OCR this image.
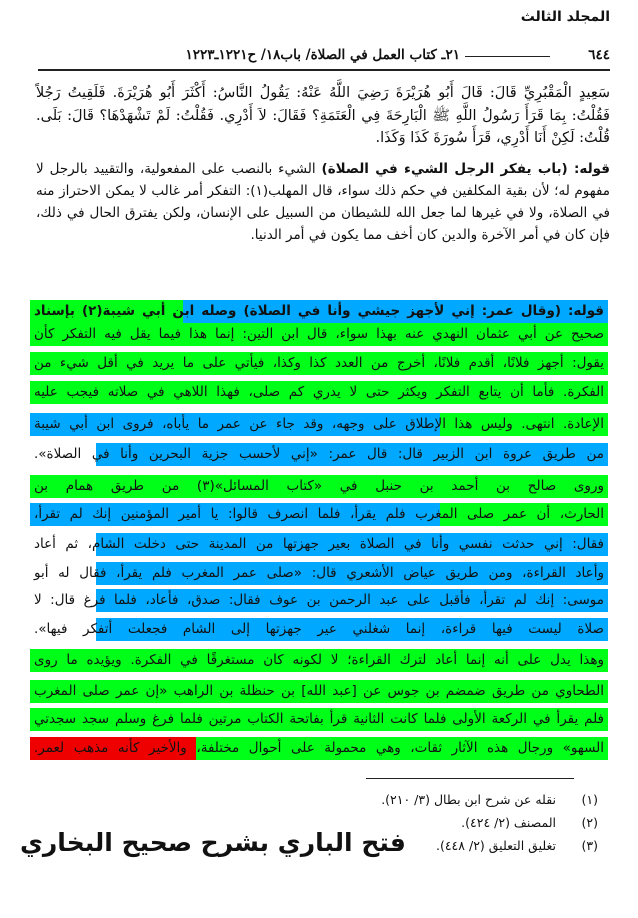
المجلد الثالث
٦٤٤
٢١ـ كتاب العمل في الصلاة/ باب١٨/ ح١٢٢١ـ١٢٢٣
سَعِيدٍ الْمَقْبُرِيِّ قَالَ: قَالَ أَبُو هُرَيْرَةَ رَضِيَ اللَّهُ عَنْهُ: يَقُولُ النَّاسُ: أَكْثَرَ أَبُو هُرَيْرَةَ. فَلَقِيتُ رَجُلاً فَقُلْتُ: بِمَا قَرَأَ رَسُولُ اللَّهِ ﷺ الْبَارِحَةَ فِي الْعَتَمَةِ؟ فَقَالَ: لاَ أَدْرِي. فَقُلْتُ: لَمْ تَشْهَدْهَا؟ قَالَ: بَلَى. قُلْتُ: لَكِنْ أَنَا أَدْرِي، قَرَأَ سُورَةَ كَذَا وَكَذَا.
قوله: (باب يفكر الرجل الشيء في الصلاة) الشيء بالنصب على المفعولية، والتقييد بالرجل لا مفهوم له؛ لأن بقية المكلفين في حكم ذلك سواء، قال المهلب(١): التفكر أمر غالب لا يمكن الاحتراز منه في الصلاة، ولا في غيرها لما جعل الله للشيطان من السبيل على الإنسان، ولكن يفترق الحال في ذلك، فإن كان في أمر الآخرة والدين كان أخف مما يكون في أمر الدنيا.
قوله: (وقال عمر: إني لأجهز جيشي وأنا في الصلاة) وصله ابن أبي شيبة(٢) بإسناد
صحيح عن أبي عثمان النهدي عنه بهذا سواء، قال ابن التين: إنما هذا فيما يقل فيه التفكر كأن
يقول: أجهز فلانًا، أقدم فلانًا، أخرج من العدد كذا وكذا، فيأتي على ما يريد في أقل شيء من
الفكرة. فأما أن يتابع التفكر ويكثر حتى لا يدري كم صلى، فهذا اللاهي في صلاته فيجب عليه
الإعادة. انتهى. وليس هذا الإطلاق على وجهه، وقد جاء عن عمر ما يأباه، فروى ابن أبي شيبة
من طريق عروة ابن الزبير قال: قال عمر: «إني لأحسب جزية البحرين وأنا في الصلاة».
وروى صالح بن أحمد بن حنبل في «كتاب المسائل»(٣) من طريق همام بن
الحارث، أن عمر صلى المغرب فلم يقرأ، فلما انصرف قالوا: يا أمير المؤمنين إنك لم تقرأ،
فقال: إني حدثت نفسي وأنا في الصلاة بعير جهزتها من المدينة حتى دخلت الشام، ثم أعاد
وأعاد القراءة، ومن طريق عياض الأشعري قال: «صلى عمر المغرب فلم يقرأ، فقال له أبو
موسى: إنك لم تقرأ، فأقبل على عبد الرحمن بن عوف فقال: صدق، فأعاد، فلما فرغ قال: لا
صلاة ليست فيها قراءة، إنما شغلني عير جهزتها إلى الشام فجعلت أتفكر فيها».
وهذا يدل على أنه إنما أعاد لترك القراءة؛ لا لكونه كان مستغرقًا في الفكرة. ويؤيده ما روى
الطحاوي من طريق ضمضم بن جوس عن [عبد الله] بن حنظلة بن الراهب «إن عمر صلى المغرب
فلم يقرأ في الركعة الأولى فلما كانت الثانية قرأ بفاتحة الكتاب مرتين فلما فرغ وسلم سجد سجدتي
السهو» ورجال هذه الآثار ثقات، وهي محمولة على أحوال مختلفة، والأخير كأنه مذهب لعمر.
(١)
نقله عن شرح ابن بطال (٣/ ٢١٠).
(٢)
المصنف (٢/ ٤٢٤).
(٣)
تغليق التعليق (٢/ ٤٤٨).
فتح الباري بشرح صحيح البخاري
